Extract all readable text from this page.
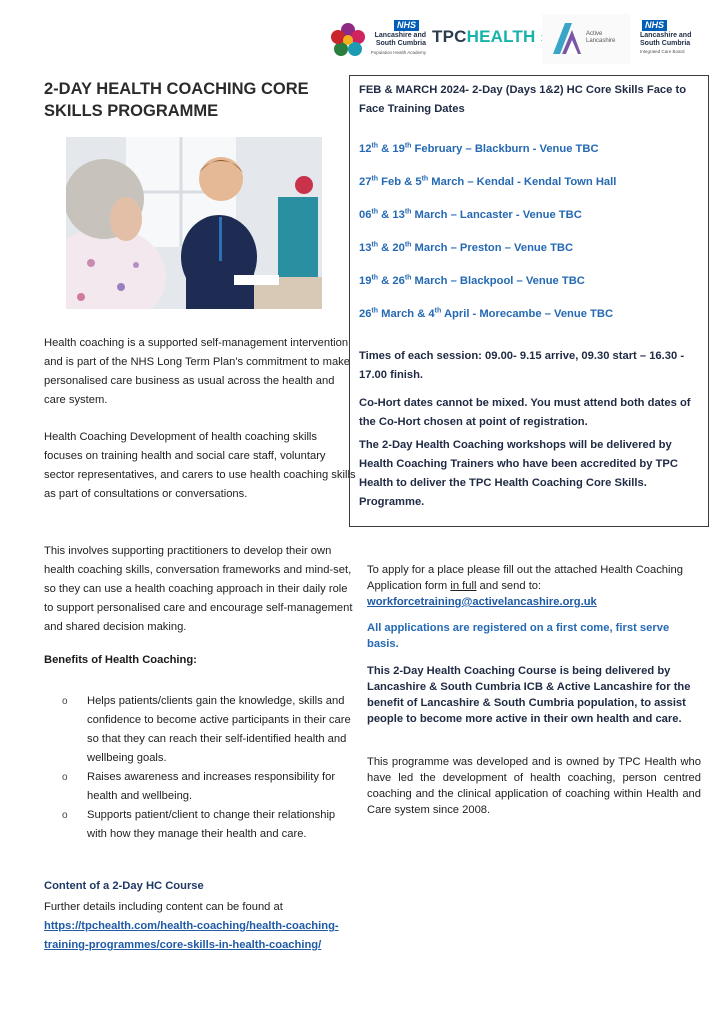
NHS
Lancashire and South Cumbria
Population Health Academy
TPCHEALTH	Active Lancashire
NHS
Lancashire and South Cumbria
Integrated Care Board
2-DAY HEALTH COACHING CORE SKILLS PROGRAMME

Health coaching is a supported self-management intervention and is part of the NHS Long Term Plan's commitment to make personalised care business as usual across the health and care system.

Health Coaching Development of health coaching skills focuses on training health and social care staff, voluntary sector representatives, and carers to use health coaching skills as part of consultations or conversations.

This involves supporting practitioners to develop their own health coaching skills, conversation frameworks and mind-set, so they can use a health coaching approach in their daily role to support personalised care and encourage self-management and shared decision making.

Benefits of Health Coaching:
o Helps patients/clients gain the knowledge, skills and confidence to become active participants in their care so that they can reach their self-identified health and wellbeing goals.
o Raises awareness and increases responsibility for health and wellbeing.
o Supports patient/client to change their relationship with how they manage their health and care.
Content of a 2-Day HC Course

Further details including content can be found at https://tpchealth.com/health-coaching/health-coaching-training-programmes/core-skills-in-health-coaching/

FEB & MARCH 2024- 2-Day (Days 1&2) HC Core Skills Face to Face Training Dates
12th & 19th February – Blackburn - Venue TBC
27th Feb & 5th March – Kendal - Kendal Town Hall
06th & 13th March – Lancaster - Venue TBC
13th & 20th March – Preston – Venue TBC
19th & 26th March – Blackpool – Venue TBC
26th March & 4th April - Morecambe – Venue TBC

Times of each session: 09.00- 9.15 arrive, 09.30 start – 16.30 - 17.00 finish.

Co-Hort dates cannot be mixed. You must attend both dates of the Co-Hort chosen at point of registration.

The 2-Day Health Coaching workshops will be delivered by Health Coaching Trainers who have been accredited by TPC Health to deliver the TPC Health Coaching Core Skills. Programme.

To apply for a place please fill out the attached Health Coaching Application form in full and send to:
workforcetraining@activelancashire.org.uk

All applications are registered on a first come, first serve basis.

This 2-Day Health Coaching Course is being delivered by Lancashire & South Cumbria ICB & Active Lancashire for the benefit of Lancashire & South Cumbria population, to assist people to become more active in their own health and care.

This programme was developed and is owned by TPC Health who have led the development of health coaching, person centred coaching and the clinical application of coaching within Health and Care system since 2008.
